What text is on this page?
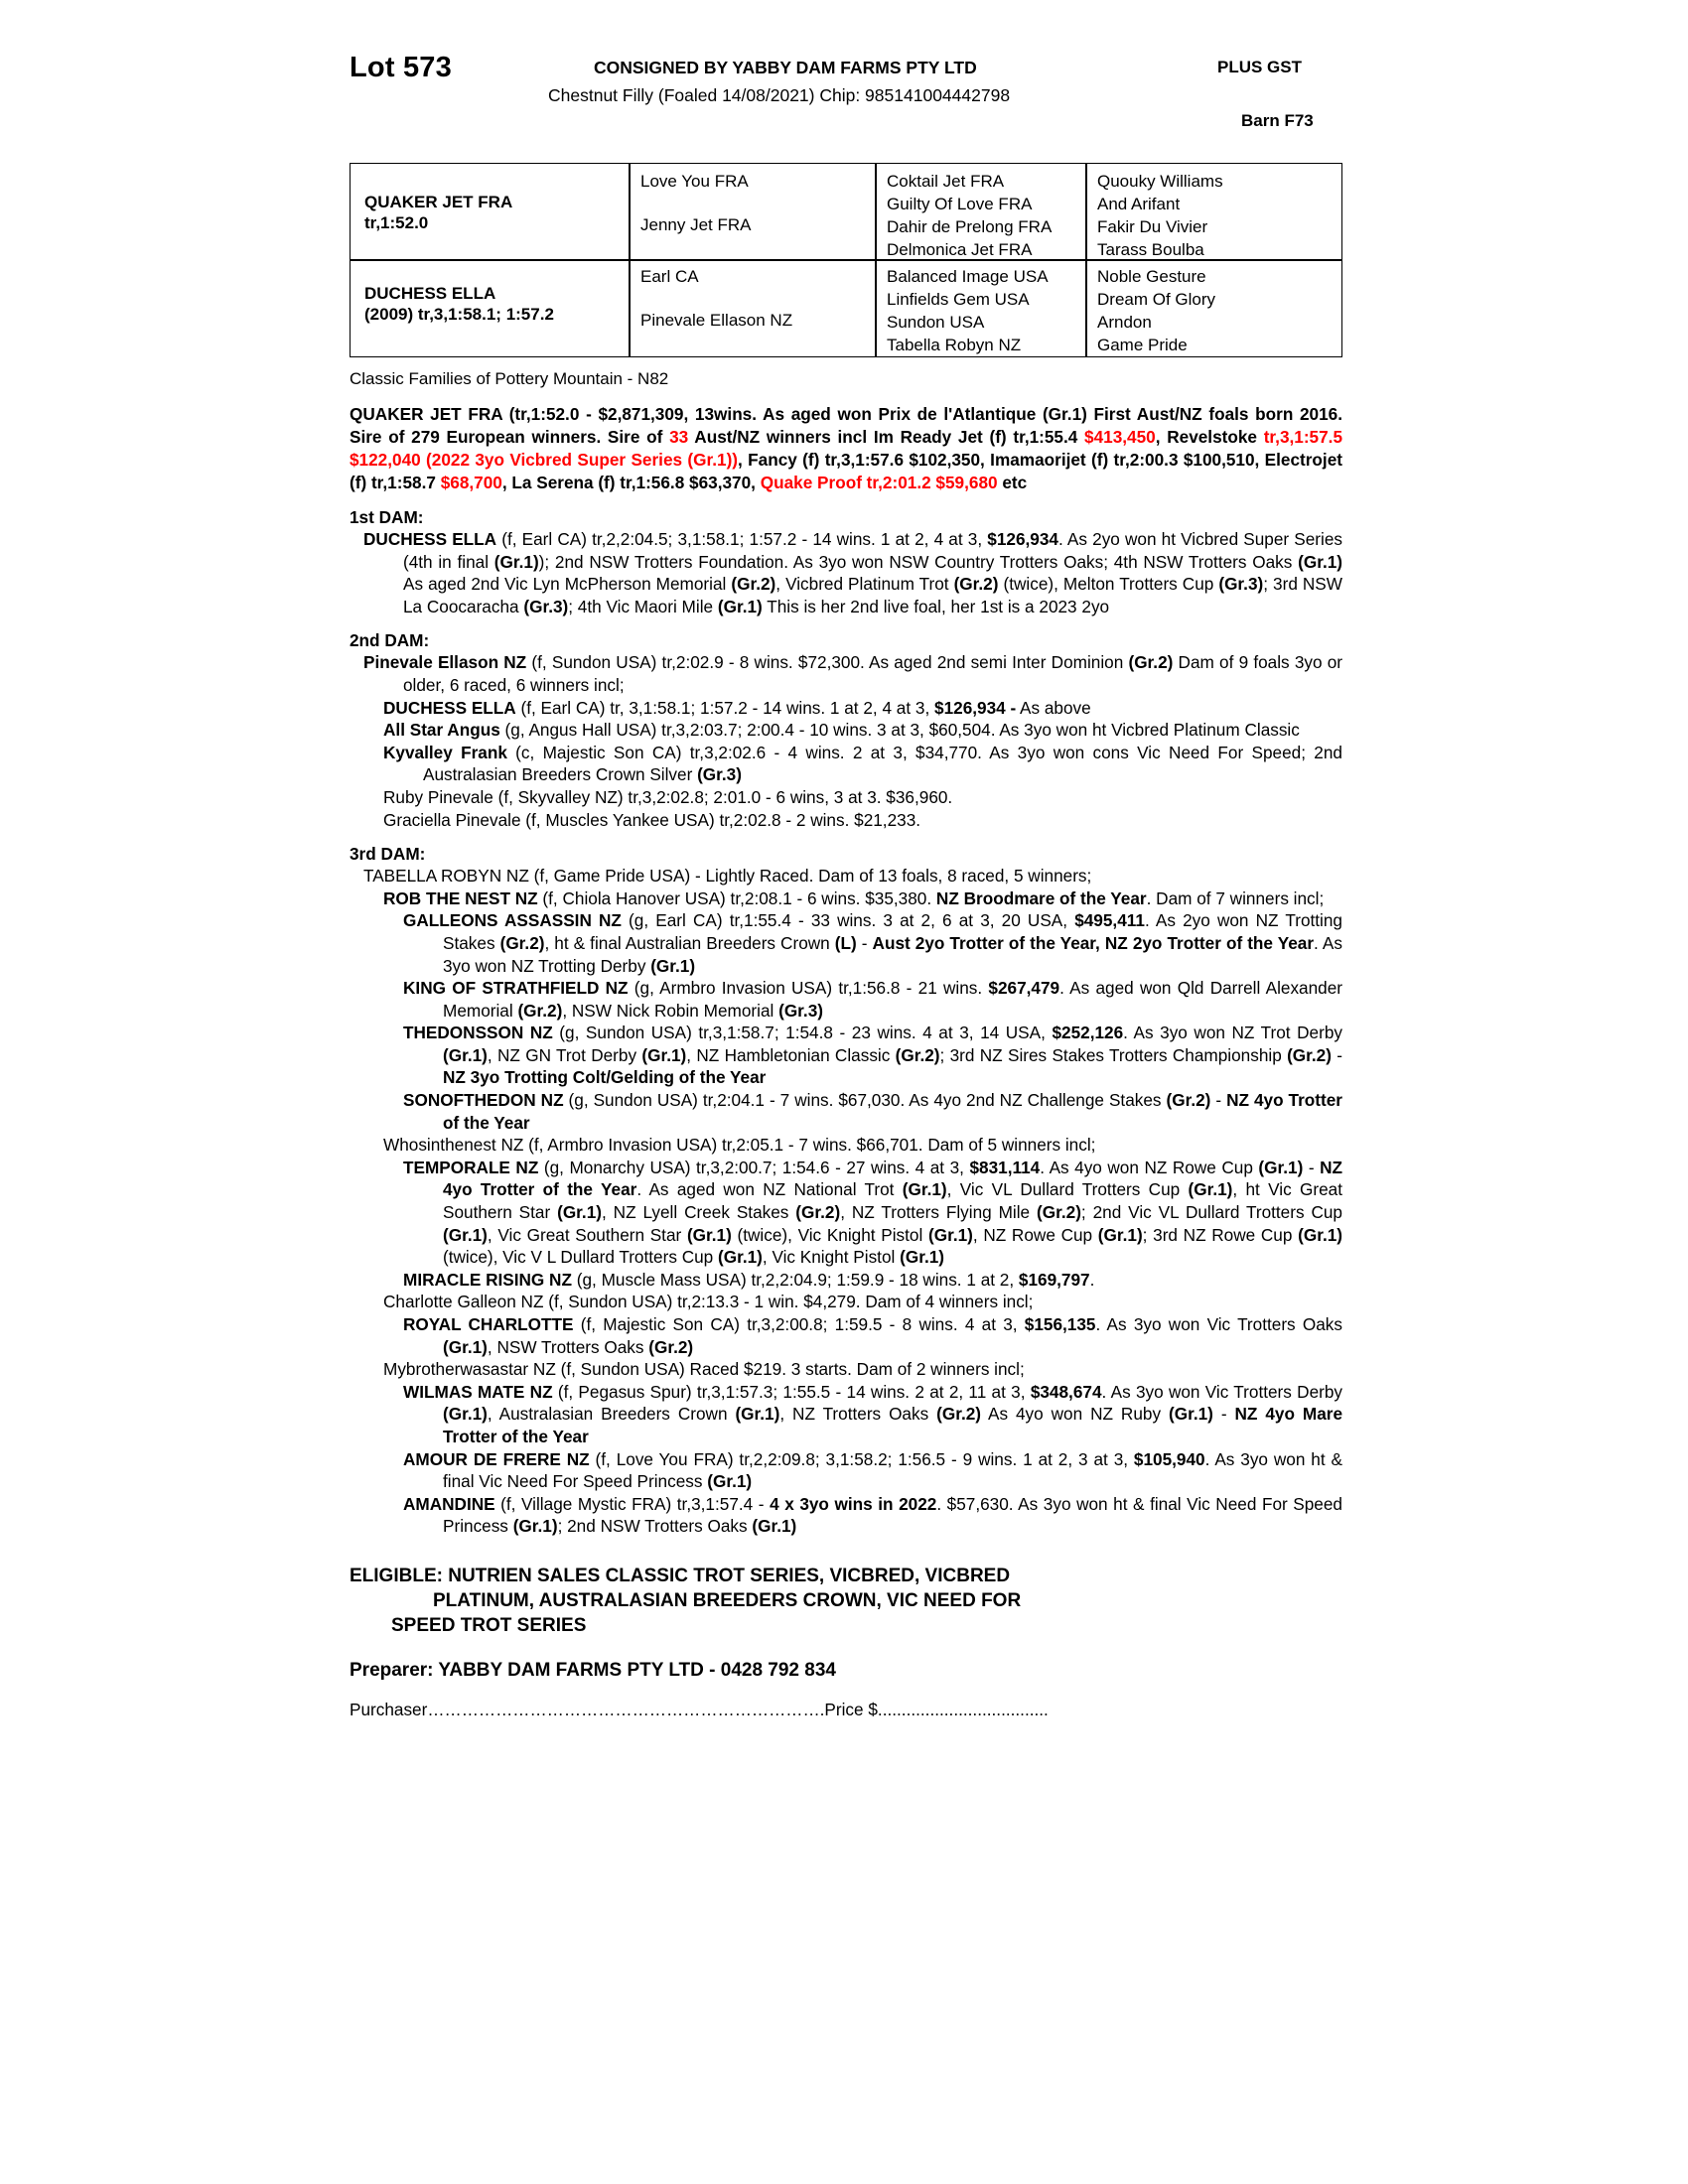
Lot 573	CONSIGNED BY YABBY DAM FARMS PTY LTD	PLUS GST
Chestnut Filly (Foaled 14/08/2021) Chip: 985141004442798
Barn F73
QUAKER JET FRA
tr,1:52.0
DUCHESS ELLA
(2009) tr,3,1:58.1; 1:57.2
Love You FRA
Jenny Jet FRA
Earl CA
Pinevale Ellason NZ
Coktail Jet FRA
Guilty Of Love FRA
Dahir de Prelong FRA
Delmonica Jet FRA
Balanced Image USA
Linfields Gem USA
Sundon USA
Tabella Robyn NZ
Quouky Williams
And Arifant
Fakir Du Vivier
Tarass Boulba
Noble Gesture
Dream Of Glory
Arndon
Game Pride

Classic Families of Pottery Mountain - N82

QUAKER JET FRA (tr,1:52.0 - $2,871,309, 13wins. As aged won Prix de l'Atlantique (Gr.1) First Aust/NZ foals born 2016. Sire of 279 European winners. Sire of 33 Aust/NZ winners incl Im Ready Jet (f) tr,1:55.4 $413,450, Revelstoke tr,3,1:57.5 $122,040 (2022 3yo Vicbred Super Series (Gr.1)), Fancy (f) tr,3,1:57.6 $102,350, Imamaorijet (f) tr,2:00.3 $100,510, Electrojet (f) tr,1:58.7 $68,700, La Serena (f) tr,1:56.8 $63,370, Quake Proof tr,2:01.2 $59,680 etc

1st DAM:

DUCHESS ELLA (f, Earl CA) tr,2,2:04.5; 3,1:58.1; 1:57.2 - 14 wins. 1 at 2, 4 at 3, $126,934. As 2yo won ht Vicbred Super Series (4th in final (Gr.1)); 2nd NSW Trotters Foundation. As 3yo won NSW Country Trotters Oaks; 4th NSW Trotters Oaks (Gr.1) As aged 2nd Vic Lyn McPherson Memorial (Gr.2), Vicbred Platinum Trot (Gr.2) (twice), Melton Trotters Cup (Gr.3); 3rd NSW La Coocaracha (Gr.3); 4th Vic Maori Mile (Gr.1) This is her 2nd live foal, her 1st is a 2023 2yo

2nd DAM:

Pinevale Ellason NZ (f, Sundon USA) tr,2:02.9 - 8 wins. $72,300. As aged 2nd semi Inter Dominion (Gr.2) Dam of 9 foals 3yo or older, 6 raced, 6 winners incl;

DUCHESS ELLA (f, Earl CA) tr, 3,1:58.1; 1:57.2 - 14 wins. 1 at 2, 4 at 3, $126,934 - As above

All Star Angus (g, Angus Hall USA) tr,3,2:03.7; 2:00.4 - 10 wins. 3 at 3, $60,504. As 3yo won ht Vicbred Platinum Classic

Kyvalley Frank (c, Majestic Son CA) tr,3,2:02.6 - 4 wins. 2 at 3, $34,770. As 3yo won cons Vic Need For Speed; 2nd Australasian Breeders Crown Silver (Gr.3)

Ruby Pinevale (f, Skyvalley NZ) tr,3,2:02.8; 2:01.0 - 6 wins, 3 at 3. $36,960.

Graciella Pinevale (f, Muscles Yankee USA) tr,2:02.8 - 2 wins. $21,233.

3rd DAM:

TABELLA ROBYN NZ (f, Game Pride USA) - Lightly Raced. Dam of 13 foals, 8 raced, 5 winners;

ROB THE NEST NZ (f, Chiola Hanover USA) tr,2:08.1 - 6 wins. $35,380. NZ Broodmare of the Year. Dam of 7 winners incl;

GALLEONS ASSASSIN NZ (g, Earl CA) tr,1:55.4 - 33 wins. 3 at 2, 6 at 3, 20 USA, $495,411. As 2yo won NZ Trotting Stakes (Gr.2), ht & final Australian Breeders Crown (L) - Aust 2yo Trotter of the Year, NZ 2yo Trotter of the Year. As 3yo won NZ Trotting Derby (Gr.1)

KING OF STRATHFIELD NZ (g, Armbro Invasion USA) tr,1:56.8 - 21 wins. $267,479. As aged won Qld Darrell Alexander Memorial (Gr.2), NSW Nick Robin Memorial (Gr.3)

THEDONSSON NZ (g, Sundon USA) tr,3,1:58.7; 1:54.8 - 23 wins. 4 at 3, 14 USA, $252,126. As 3yo won NZ Trot Derby (Gr.1), NZ GN Trot Derby (Gr.1), NZ Hambletonian Classic (Gr.2); 3rd NZ Sires Stakes Trotters Championship (Gr.2) - NZ 3yo Trotting Colt/Gelding of the Year

SONOFTHEDON NZ (g, Sundon USA) tr,2:04.1 - 7 wins. $67,030. As 4yo 2nd NZ Challenge Stakes (Gr.2) - NZ 4yo Trotter of the Year

Whosinthenest NZ (f, Armbro Invasion USA) tr,2:05.1 - 7 wins. $66,701. Dam of 5 winners incl;

TEMPORALE NZ (g, Monarchy USA) tr,3,2:00.7; 1:54.6 - 27 wins. 4 at 3, $831,114. As 4yo won NZ Rowe Cup (Gr.1) - NZ 4yo Trotter of the Year. As aged won NZ National Trot (Gr.1), Vic VL Dullard Trotters Cup (Gr.1), ht Vic Great Southern Star (Gr.1), NZ Lyell Creek Stakes (Gr.2), NZ Trotters Flying Mile (Gr.2); 2nd Vic VL Dullard Trotters Cup (Gr.1), Vic Great Southern Star (Gr.1) (twice), Vic Knight Pistol (Gr.1), NZ Rowe Cup (Gr.1); 3rd NZ Rowe Cup (Gr.1) (twice), Vic V L Dullard Trotters Cup (Gr.1), Vic Knight Pistol (Gr.1)

MIRACLE RISING NZ (g, Muscle Mass USA) tr,2,2:04.9; 1:59.9 - 18 wins. 1 at 2, $169,797.

Charlotte Galleon NZ (f, Sundon USA) tr,2:13.3 - 1 win. $4,279. Dam of 4 winners incl;

ROYAL CHARLOTTE (f, Majestic Son CA) tr,3,2:00.8; 1:59.5 - 8 wins. 4 at 3, $156,135. As 3yo won Vic Trotters Oaks (Gr.1), NSW Trotters Oaks (Gr.2)

Mybrotherwasastar NZ (f, Sundon USA) Raced $219. 3 starts. Dam of 2 winners incl;

WILMAS MATE NZ (f, Pegasus Spur) tr,3,1:57.3; 1:55.5 - 14 wins. 2 at 2, 11 at 3, $348,674. As 3yo won Vic Trotters Derby (Gr.1), Australasian Breeders Crown (Gr.1), NZ Trotters Oaks (Gr.2) As 4yo won NZ Ruby (Gr.1) - NZ 4yo Mare Trotter of the Year

AMOUR DE FRERE NZ (f, Love You FRA) tr,2,2:09.8; 3,1:58.2; 1:56.5 - 9 wins. 1 at 2, 3 at 3, $105,940. As 3yo won ht & final Vic Need For Speed Princess (Gr.1)

AMANDINE (f, Village Mystic FRA) tr,3,1:57.4 - 4 x 3yo wins in 2022. $57,630. As 3yo won ht & final Vic Need For Speed Princess (Gr.1); 2nd NSW Trotters Oaks (Gr.1)

ELIGIBLE: NUTRIEN SALES CLASSIC TROT SERIES, VICBRED, VICBRED
PLATINUM, AUSTRALASIAN BREEDERS CROWN, VIC NEED FOR
SPEED TROT SERIES

Preparer: YABBY DAM FARMS PTY LTD - 0428 792 834

Purchaser…………………………………………………………….Price $....................................
